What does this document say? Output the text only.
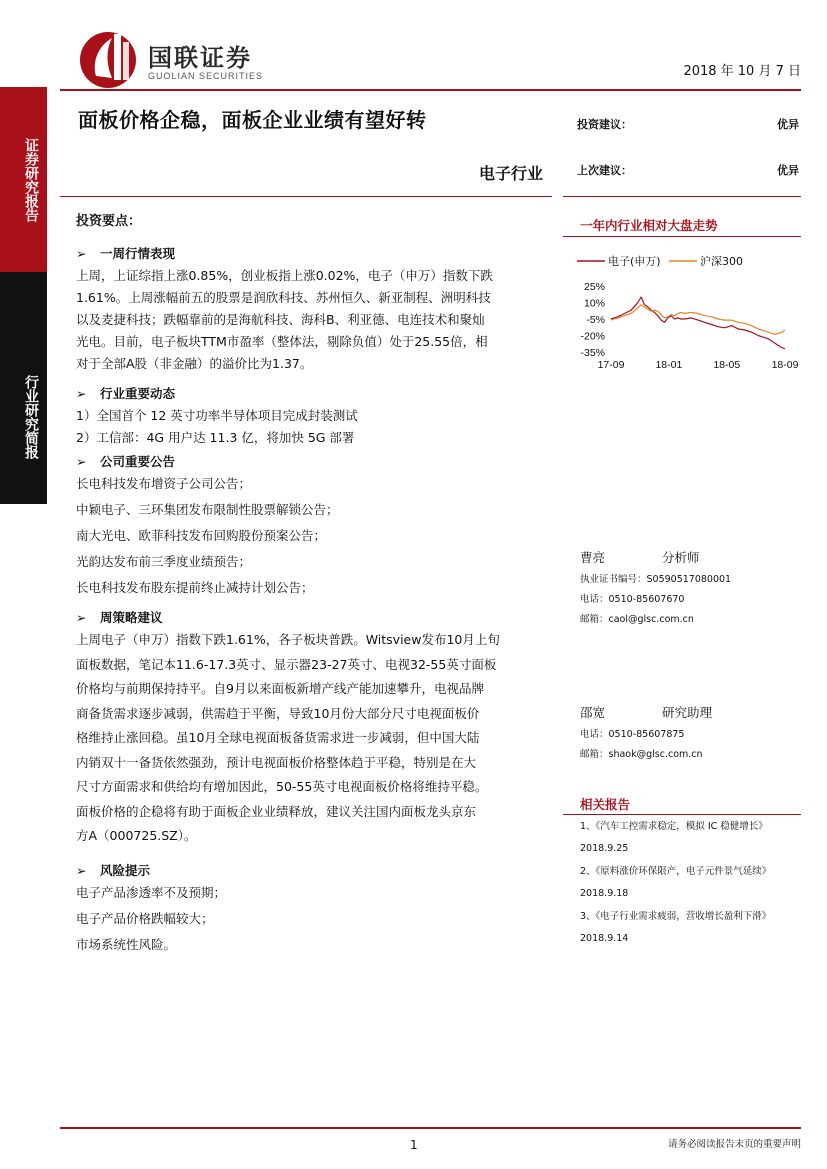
国联证券
GUOLIAN SECURITIES	2018 年 10 月 7 日
证券研究报告
行业研究简报
面板价格企稳，面板企业业绩有望好转
电子行业
投资建议：	优异
上次建议：	优异
投资要点：
➢	一周行情表现
上周，上证综指上涨0.85%，创业板指上涨0.02%，电子（申万）指数下跌
1.61%。上周涨幅前五的股票是润欣科技、苏州恒久、新亚制程、洲明科技
以及麦捷科技；跌幅靠前的是海航科技、海科B、利亚德、电连技术和聚灿
光电。目前，电子板块TTM市盈率（整体法，剔除负值）处于25.55倍，相
对于全部A股（非金融）的溢价比为1.37。
➢	行业重要动态
1）全国首个 12 英寸功率半导体项目完成封装测试
2）工信部：4G 用户达 11.3 亿，将加快 5G 部署
➢	公司重要公告
长电科技发布增资子公司公告；
中颖电子、三环集团发布限制性股票解锁公告；
南大光电、欧菲科技发布回购股份预案公告；
光韵达发布前三季度业绩预告；
长电科技发布股东提前终止减持计划公告；
➢	周策略建议
上周电子（申万）指数下跌1.61%，各子板块普跌。Witsview发布10月上旬
面板数据，笔记本11.6-17.3英寸、显示器23-27英寸、电视32-55英寸面板
价格均与前期保持持平。自9月以来面板新增产线产能加速攀升，电视品牌
商备货需求逐步减弱，供需趋于平衡，导致10月份大部分尺寸电视面板价
格维持止涨回稳。虽10月全球电视面板备货需求进一步减弱，但中国大陆
内销双十一备货依然强劲，预计电视面板价格整体趋于平稳，特别是在大
尺寸方面需求和供给均有增加因此，50-55英寸电视面板价格将维持平稳。
面板价格的企稳将有助于面板企业业绩释放，建议关注国内面板龙头京东
方A（000725.SZ）。
➢	风险提示
电子产品渗透率不及预期；
电子产品价格跌幅较大；
市场系统性风险。
一年内行业相对大盘走势
电子(申万)	沪深300
25%
10%
-5%
-20%
-35%
17-09	18-01	18-05	18-09
曹亮	分析师
执业证书编号：S0590517080001
电话：0510-85607670
邮箱：caol@glsc.com.cn
邵宽	研究助理
电话：0510-85607875
邮箱：shaok@glsc.com.cn
相关报告
1、《汽车工控需求稳定，模拟 IC 稳健增长》
2018.9.25
2、《原料涨价环保限产，电子元件景气延续》
2018.9.18
3、《电子行业需求疲弱，营收增长盈利下滑》
2018.9.14
1	请务必阅读报告末页的重要声明
